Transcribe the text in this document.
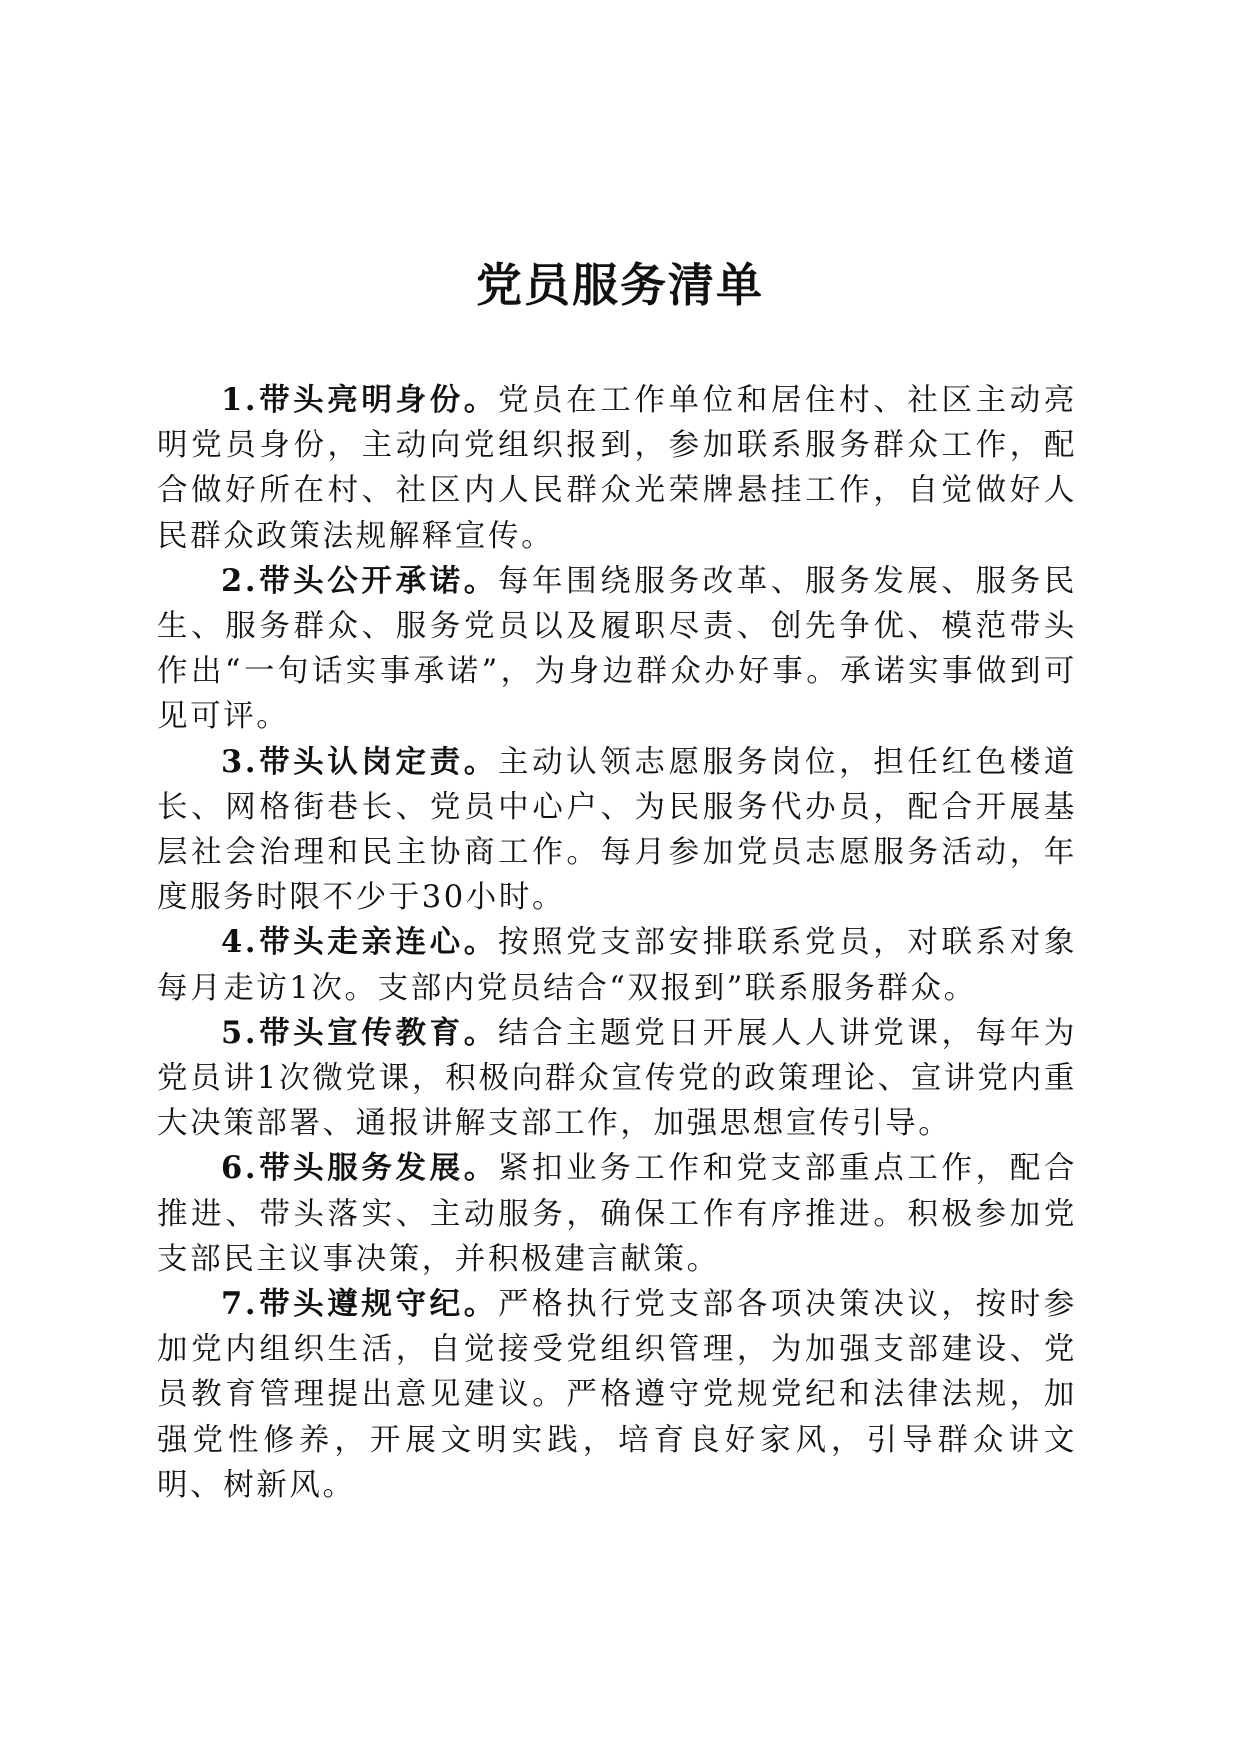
党员服务清单

1.带头亮明身份。党员在工作单位和居住村、社区主动亮明党员身份，主动向党组织报到，参加联系服务群众工作，配合做好所在村、社区内人民群众光荣牌悬挂工作，自觉做好人民群众政策法规解释宣传。

2.带头公开承诺。每年围绕服务改革、服务发展、服务民生、服务群众、服务党员以及履职尽责、创先争优、模范带头作出“一句话实事承诺”，为身边群众办好事。承诺实事做到可见可评。

3.带头认岗定责。主动认领志愿服务岗位，担任红色楼道长、网格街巷长、党员中心户、为民服务代办员，配合开展基层社会治理和民主协商工作。每月参加党员志愿服务活动，年度服务时限不少于30小时。

4.带头走亲连心。按照党支部安排联系党员，对联系对象每月走访1次。支部内党员结合“双报到”联系服务群众。

5.带头宣传教育。结合主题党日开展人人讲党课，每年为党员讲1次微党课，积极向群众宣传党的政策理论、宣讲党内重大决策部署、通报讲解支部工作，加强思想宣传引导。

6.带头服务发展。紧扣业务工作和党支部重点工作，配合推进、带头落实、主动服务，确保工作有序推进。积极参加党支部民主议事决策，并积极建言献策。

7.带头遵规守纪。严格执行党支部各项决策决议，按时参加党内组织生活，自觉接受党组织管理，为加强支部建设、党员教育管理提出意见建议。严格遵守党规党纪和法律法规，加强党性修养，开展文明实践，培育良好家风，引导群众讲文明、树新风。
